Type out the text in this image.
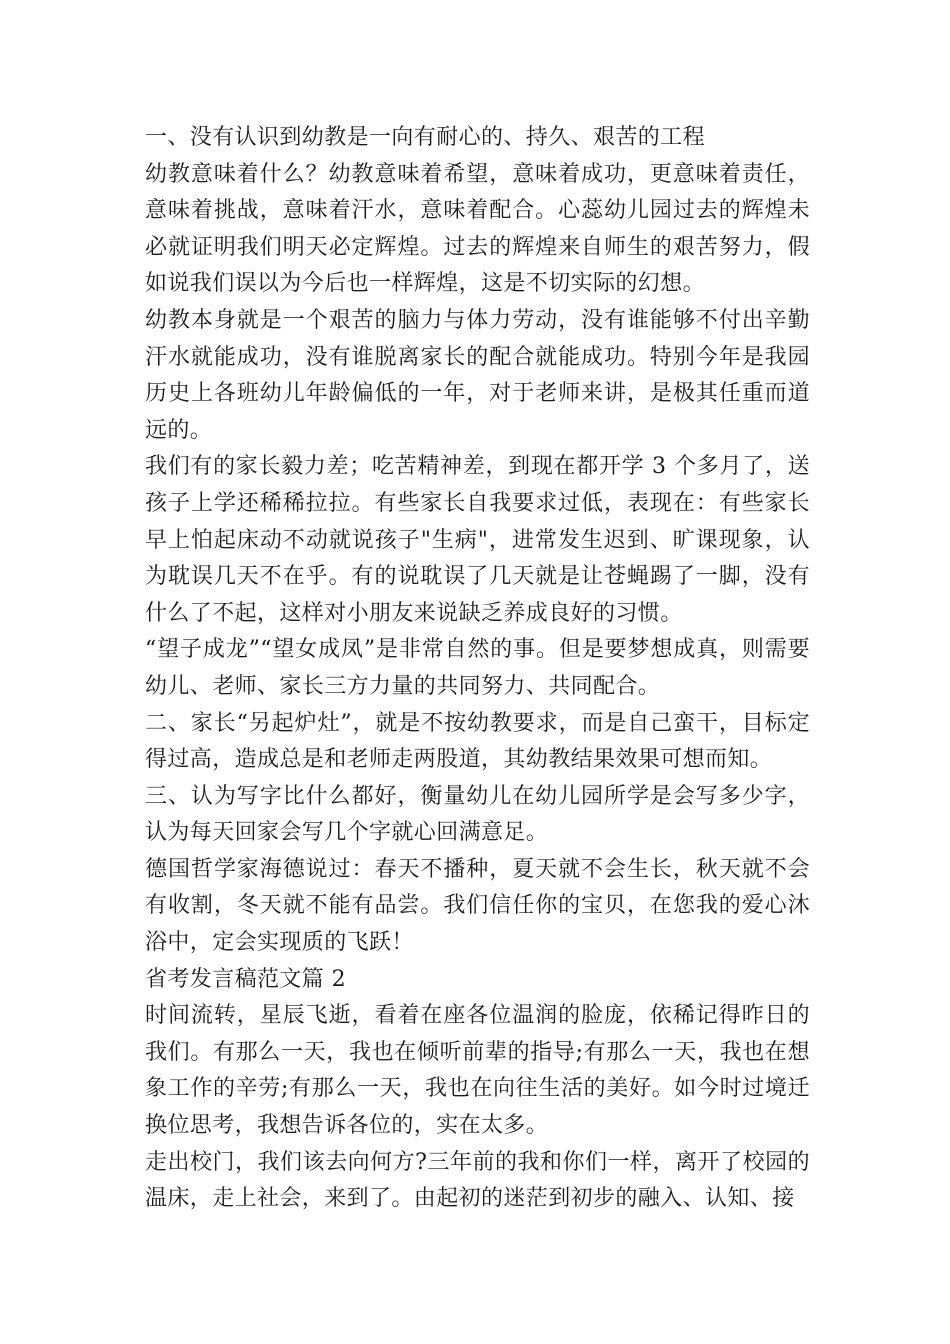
一、没有认识到幼教是一向有耐心的、持久、艰苦的工程

幼教意味着什么？幼教意味着希望，意味着成功，更意味着责任，意味着挑战，意味着汗水，意味着配合。心蕊幼儿园过去的辉煌未必就证明我们明天必定辉煌。过去的辉煌来自师生的艰苦努力，假如说我们误以为今后也一样辉煌，这是不切实际的幻想。

幼教本身就是一个艰苦的脑力与体力劳动，没有谁能够不付出辛勤汗水就能成功，没有谁脱离家长的配合就能成功。特别今年是我园历史上各班幼儿年龄偏低的一年，对于老师来讲，是极其任重而道远的。

我们有的家长毅力差；吃苦精神差，到现在都开学 3 个多月了，送孩子上学还稀稀拉拉。有些家长自我要求过低，表现在：有些家长早上怕起床动不动就说孩子"生病"，进常发生迟到、旷课现象，认为耽误几天不在乎。有的说耽误了几天就是让苍蝇踢了一脚，没有什么了不起，这样对小朋友来说缺乏养成良好的习惯。

“望子成龙”“望女成凤”是非常自然的事。但是要梦想成真，则需要幼儿、老师、家长三方力量的共同努力、共同配合。

二、家长“另起炉灶”，就是不按幼教要求，而是自己蛮干，目标定得过高，造成总是和老师走两股道，其幼教结果效果可想而知。

三、认为写字比什么都好，衡量幼儿在幼儿园所学是会写多少字，认为每天回家会写几个字就心回满意足。

德国哲学家海德说过：春天不播种，夏天就不会生长，秋天就不会有收割，冬天就不能有品尝。我们信任你的宝贝，在您我的爱心沐浴中，定会实现质的飞跃！

省考发言稿范文篇 2

时间流转，星辰飞逝，看着在座各位温润的脸庞，依稀记得昨日的我们。有那么一天，我也在倾听前辈的指导;有那么一天，我也在想象工作的辛劳;有那么一天，我也在向往生活的美好。如今时过境迁换位思考，我想告诉各位的，实在太多。

走出校门，我们该去向何方?三年前的我和你们一样，离开了校园的温床，走上社会，来到了。由起初的迷茫到初步的融入、认知、接
